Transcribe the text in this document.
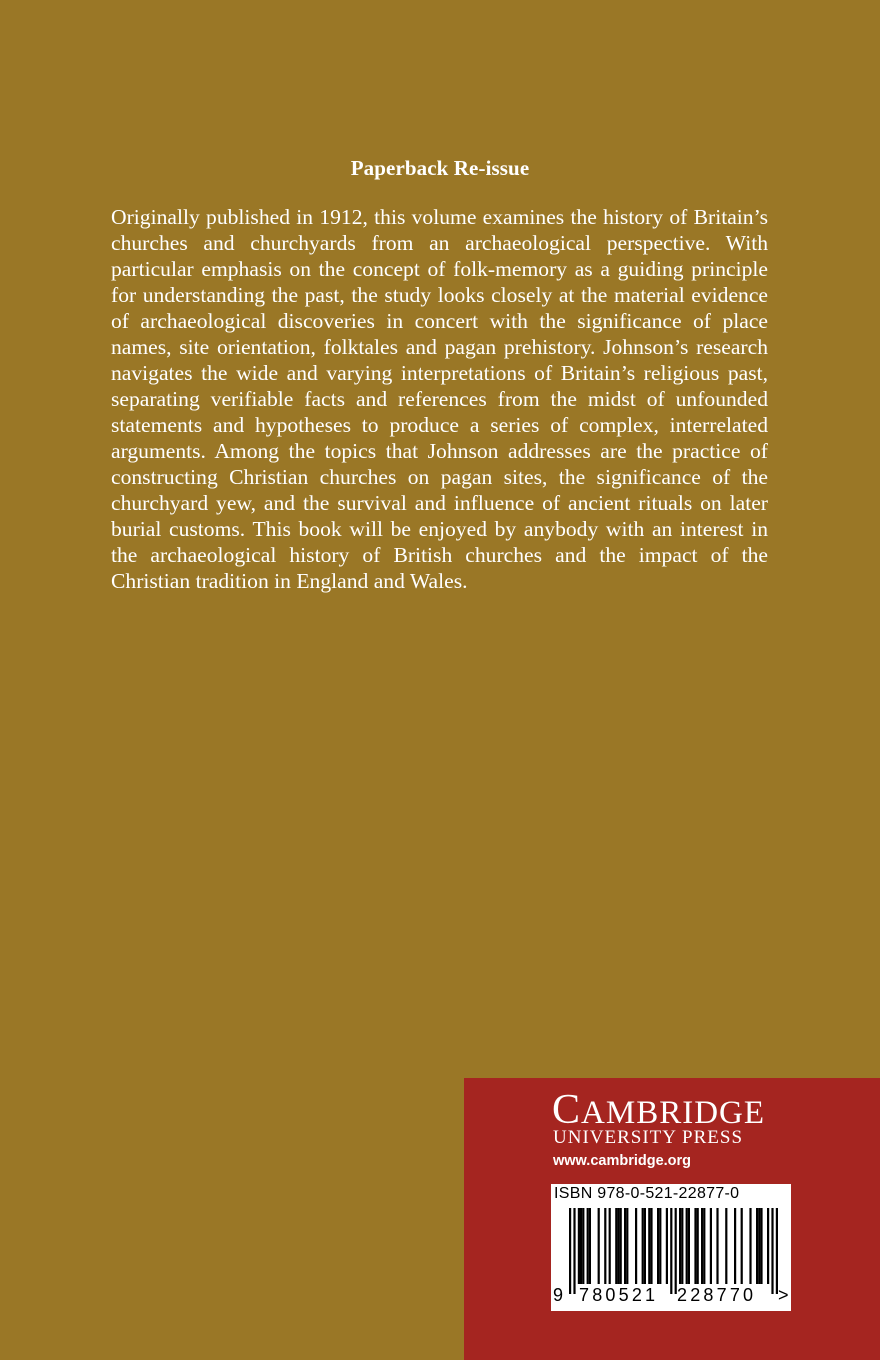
Paperback Re-issue

Originally published in 1912, this volume examines the history of Britain’s churches and churchyards from an archaeological perspective. With particular emphasis on the concept of folk-memory as a guiding principle for understanding the past, the study looks closely at the material evidence of archaeological discoveries in concert with the significance of place names, site orientation, folktales and pagan prehistory. Johnson’s research navigates the wide and varying interpretations of Britain’s religious past, separating verifiable facts and references from the midst of unfounded statements and hypotheses to produce a series of complex, interrelated arguments. Among the topics that Johnson addresses are the practice of constructing Christian churches on pagan sites, the significance of the churchyard yew, and the survival and influence of ancient rituals on later burial customs. This book will be enjoyed by anybody with an interest in the archaeological history of British churches and the impact of the Christian tradition in England and Wales.

CAMBRIDGE
UNIVERSITY PRESS
www.cambridge.org
ISBN 978-0-521-22877-0
9 780521 228770 >
